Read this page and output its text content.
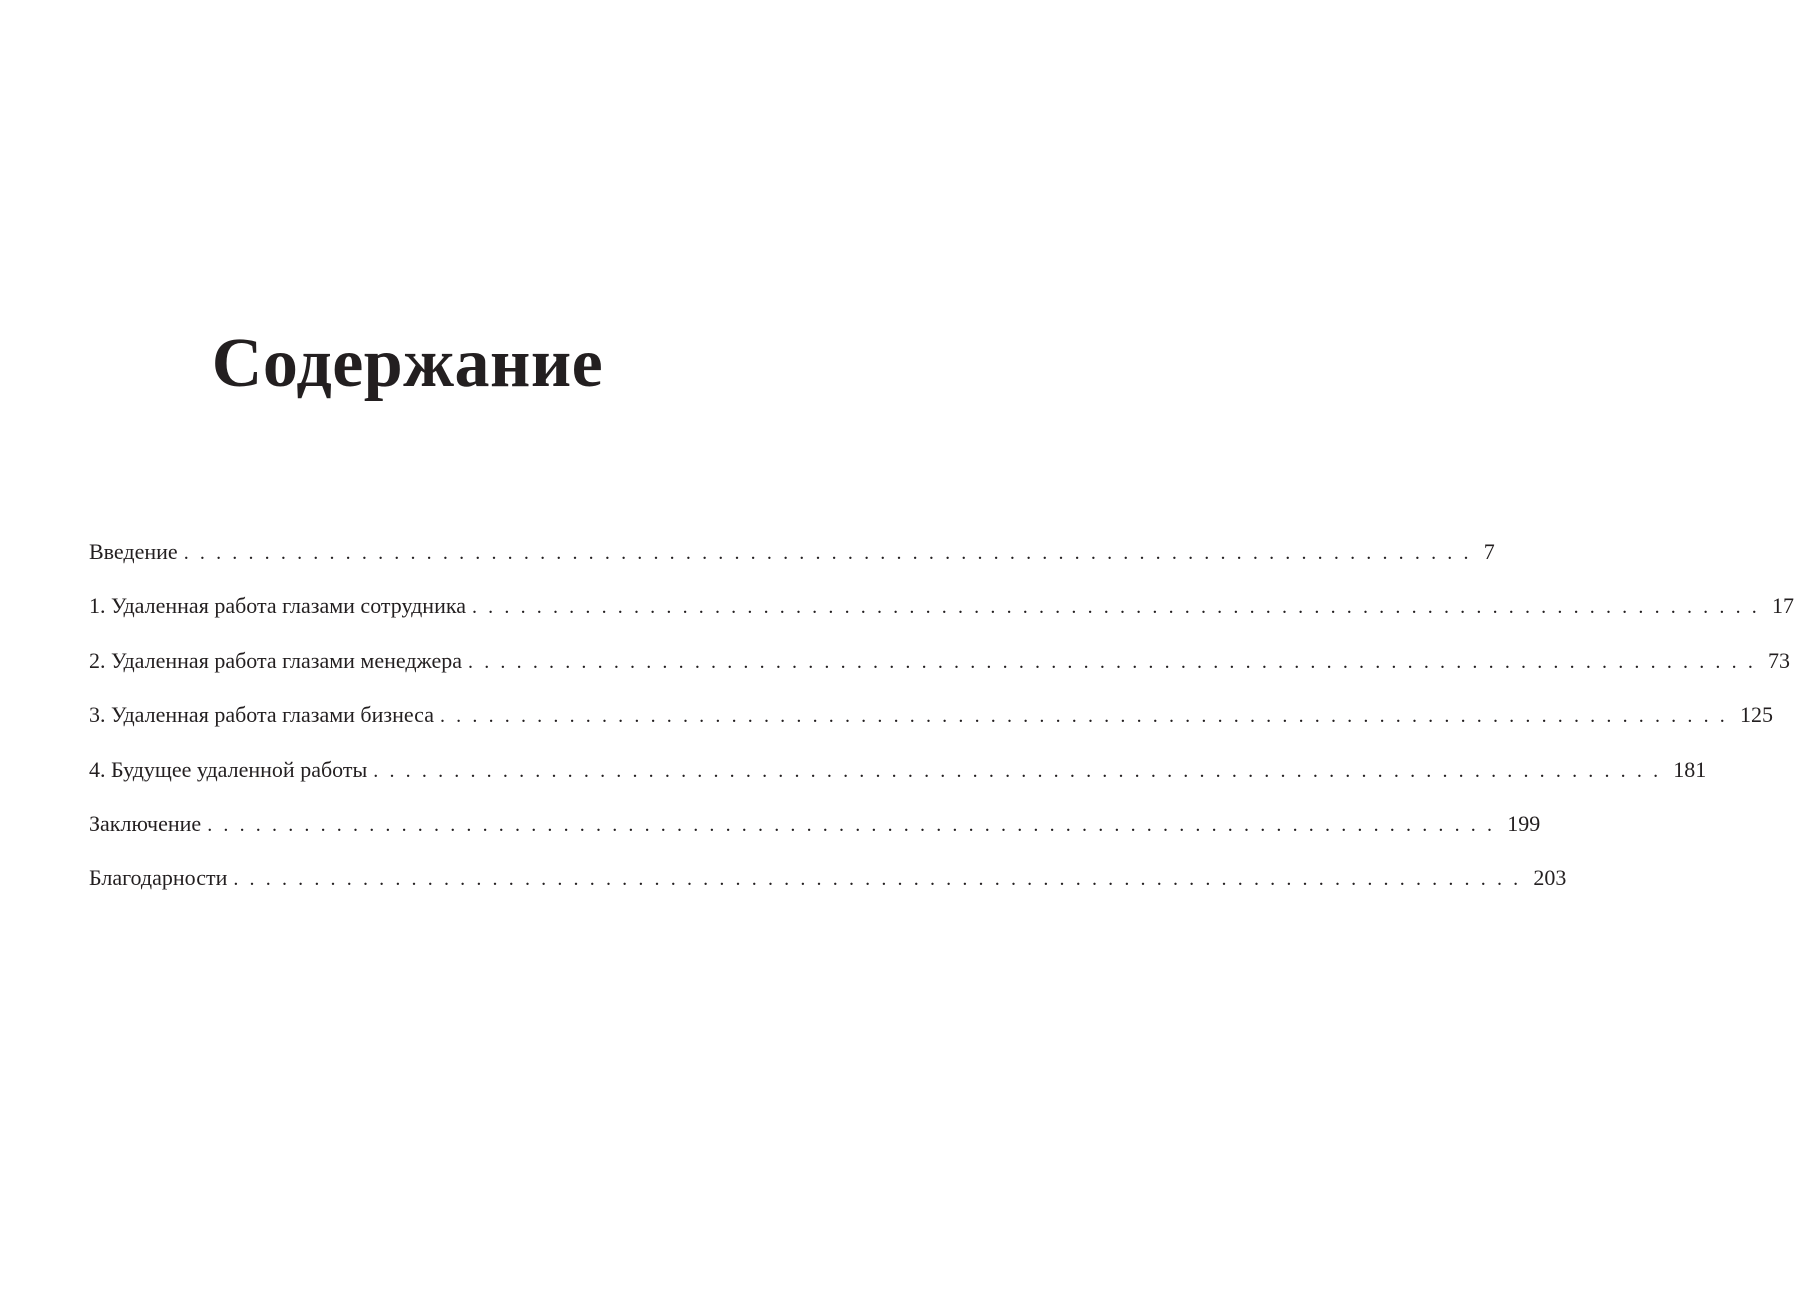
Содержание
Введение ................................................................................ 7
1. Удаленная работа глазами сотрудника ................................................................................ 17
2. Удаленная работа глазами менеджера ................................................................................ 73
3. Удаленная работа глазами бизнеса ................................................................................ 125
4. Будущее удаленной работы ................................................................................ 181
Заключение ................................................................................ 199
Благодарности ................................................................................ 203
